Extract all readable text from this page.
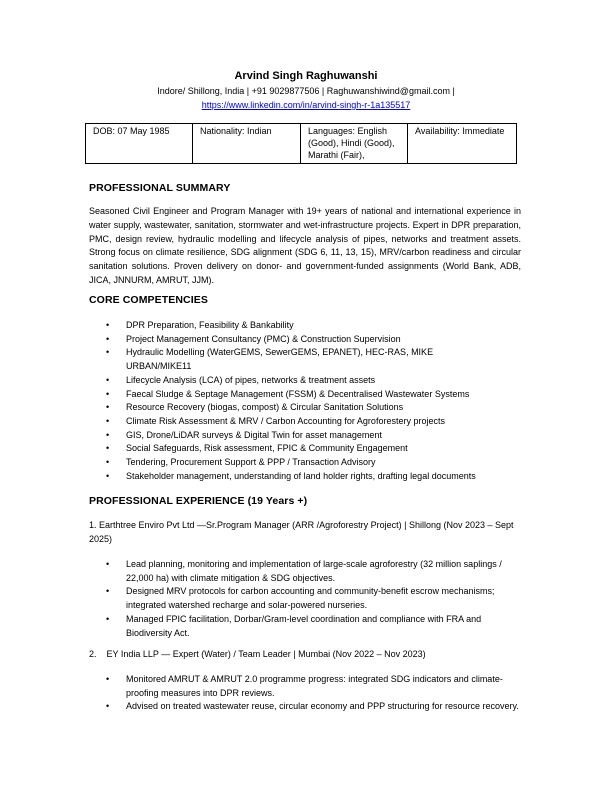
Arvind Singh Raghuwanshi
Indore/ Shillong, India | +91 9029877506 | Raghuwanshiwind@gmail.com |
https://www.linkedin.com/in/arvind-singh-r-1a135517
DOB: 07 May 1985	Nationality: Indian	Languages: English (Good), Hindi (Good), Marathi (Fair),	Availability: Immediate
PROFESSIONAL SUMMARY
Seasoned Civil Engineer and Program Manager with 19+ years of national and international experience in water supply, wastewater, sanitation, stormwater and wet-infrastructure projects. Expert in DPR preparation, PMC, design review, hydraulic modelling and lifecycle analysis of pipes, networks and treatment assets. Strong focus on climate resilience, SDG alignment (SDG 6, 11, 13, 15), MRV/carbon readiness and circular sanitation solutions. Proven delivery on donor- and government-funded assignments (World Bank, ADB, JICA, JNNURM, AMRUT, JJM).
CORE COMPETENCIES
• DPR Preparation, Feasibility & Bankability
• Project Management Consultancy (PMC) & Construction Supervision
• Hydraulic Modelling (WaterGEMS, SewerGEMS, EPANET), HEC-RAS, MIKE URBAN/MIKE11
• Lifecycle Analysis (LCA) of pipes, networks & treatment assets
• Faecal Sludge & Septage Management (FSSM) & Decentralised Wastewater Systems
• Resource Recovery (biogas, compost) & Circular Sanitation Solutions
• Climate Risk Assessment & MRV / Carbon Accounting for Agroforestery projects
• GIS, Drone/LiDAR surveys & Digital Twin for asset management
• Social Safeguards, Risk assessment, FPIC & Community Engagement
• Tendering, Procurement Support & PPP / Transaction Advisory
• Stakeholder management, understanding of land holder rights, drafting legal documents
PROFESSIONAL EXPERIENCE (19 Years +)
1. Earthtree Enviro Pvt Ltd —Sr.Program Manager (ARR /Agroforestry Project) | Shillong (Nov 2023 – Sept 2025)
• Lead planning, monitoring and implementation of large-scale agroforestry (32 million saplings / 22,000 ha) with climate mitigation & SDG objectives.
• Designed MRV protocols for carbon accounting and community-benefit escrow mechanisms; integrated watershed recharge and solar-powered nurseries.
• Managed FPIC facilitation, Dorbar/Gram-level coordination and compliance with FRA and Biodiversity Act.
2.    EY India LLP — Expert (Water) / Team Leader | Mumbai (Nov 2022 – Nov 2023)
• Monitored AMRUT & AMRUT 2.0 programme progress: integrated SDG indicators and climate-proofing measures into DPR reviews.
• Advised on treated wastewater reuse, circular economy and PPP structuring for resource recovery.
